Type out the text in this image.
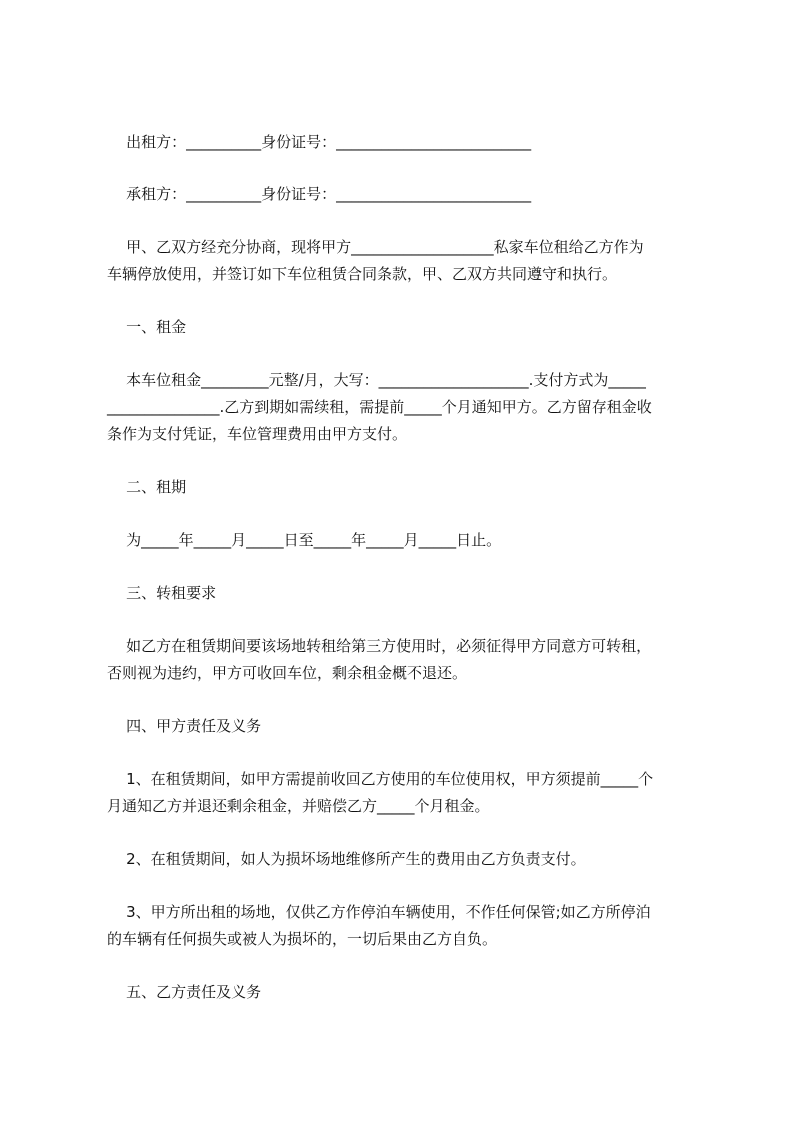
出租方：__________身份证号：__________________________
承租方：__________身份证号：__________________________
甲、乙双方经充分协商，现将甲方___________________私家车位租给乙方作为
车辆停放使用，并签订如下车位租赁合同条款，甲、乙双方共同遵守和执行。
一、租金
本车位租金_________元整/月，大写：____________________.支付方式为_____
_______________.乙方到期如需续租，需提前_____个月通知甲方。乙方留存租金收
条作为支付凭证，车位管理费用由甲方支付。
二、租期
为_____年_____月_____日至_____年_____月_____日止。
三、转租要求
如乙方在租赁期间要该场地转租给第三方使用时，必须征得甲方同意方可转租，
否则视为违约，甲方可收回车位，剩余租金概不退还。
四、甲方责任及义务
1、在租赁期间，如甲方需提前收回乙方使用的车位使用权，甲方须提前_____个
月通知乙方并退还剩余租金，并赔偿乙方_____个月租金。
2、在租赁期间，如人为损坏场地维修所产生的费用由乙方负责支付。
3、甲方所出租的场地，仅供乙方作停泊车辆使用，不作任何保管;如乙方所停泊
的车辆有任何损失或被人为损坏的，一切后果由乙方自负。
五、乙方责任及义务
